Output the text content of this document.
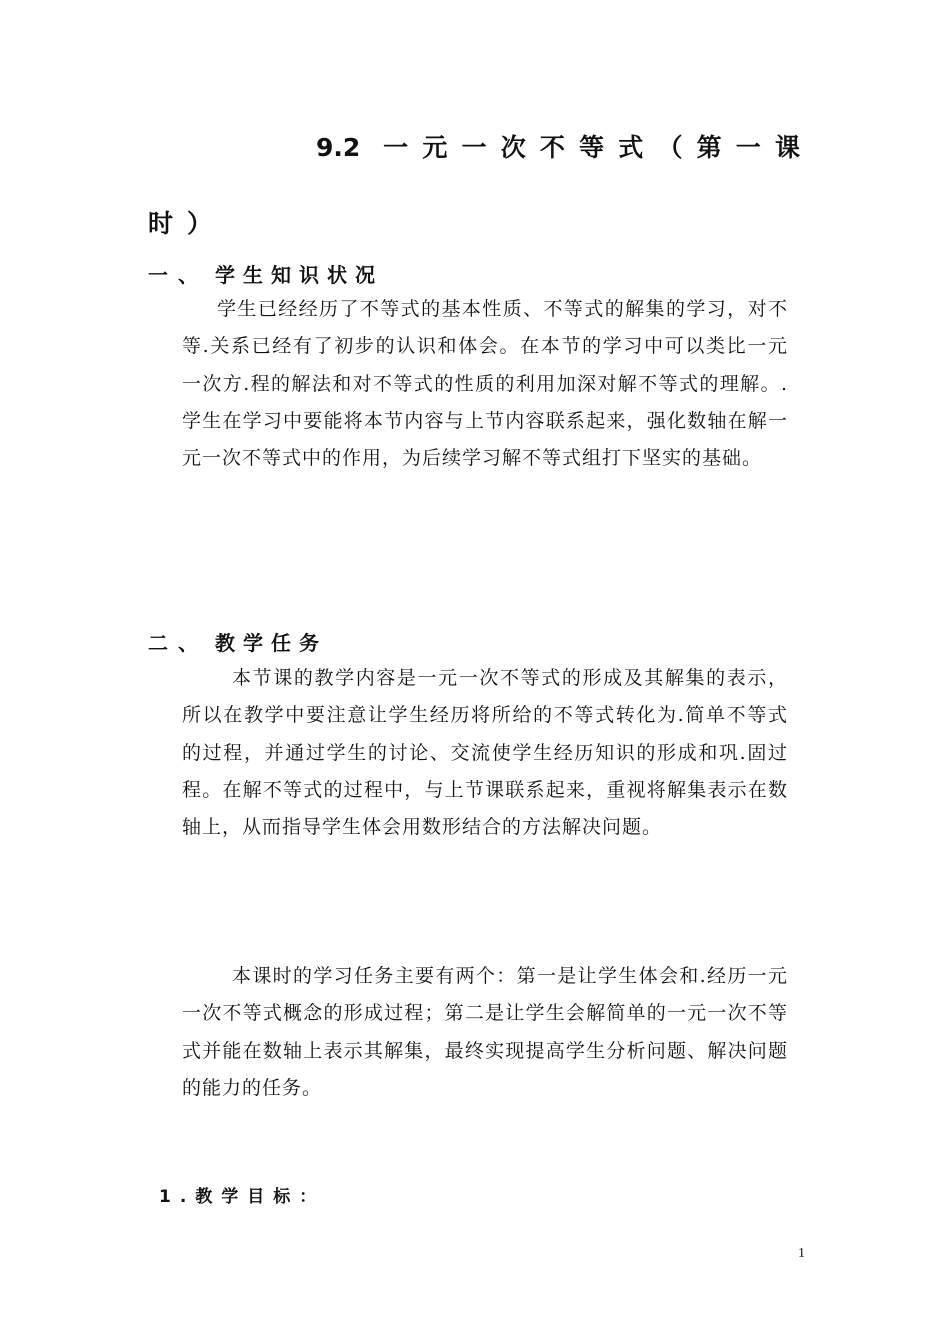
9.2 一元一次不等式（第一课
时）
一、 学生知识状况

学生已经经历了不等式的基本性质、不等式的解集的学习，对不等.关系已经有了初步的认识和体会。在本节的学习中可以类比一元一次方.程的解法和对不等式的性质的利用加深对解不等式的理解。.学生在学习中要能将本节内容与上节内容联系起来，强化数轴在解一元一次不等式中的作用，为后续学习解不等式组打下坚实的基础。

二、 教学任务

本节课的教学内容是一元一次不等式的形成及其解集的表示，所以在教学中要注意让学生经历将所给的不等式转化为.简单不等式的过程，并通过学生的讨论、交流使学生经历知识的形成和巩.固过程。在解不等式的过程中，与上节课联系起来，重视将解集表示在数轴上，从而指导学生体会用数形结合的方法解决问题。

本课时的学习任务主要有两个：第一是让学生体会和.经历一元一次不等式概念的形成过程；第二是让学生会解简单的一元一次不等式并能在数轴上表示其解集，最终实现提高学生分析问题、解决问题的能力的任务。

1.教学目标：

1
